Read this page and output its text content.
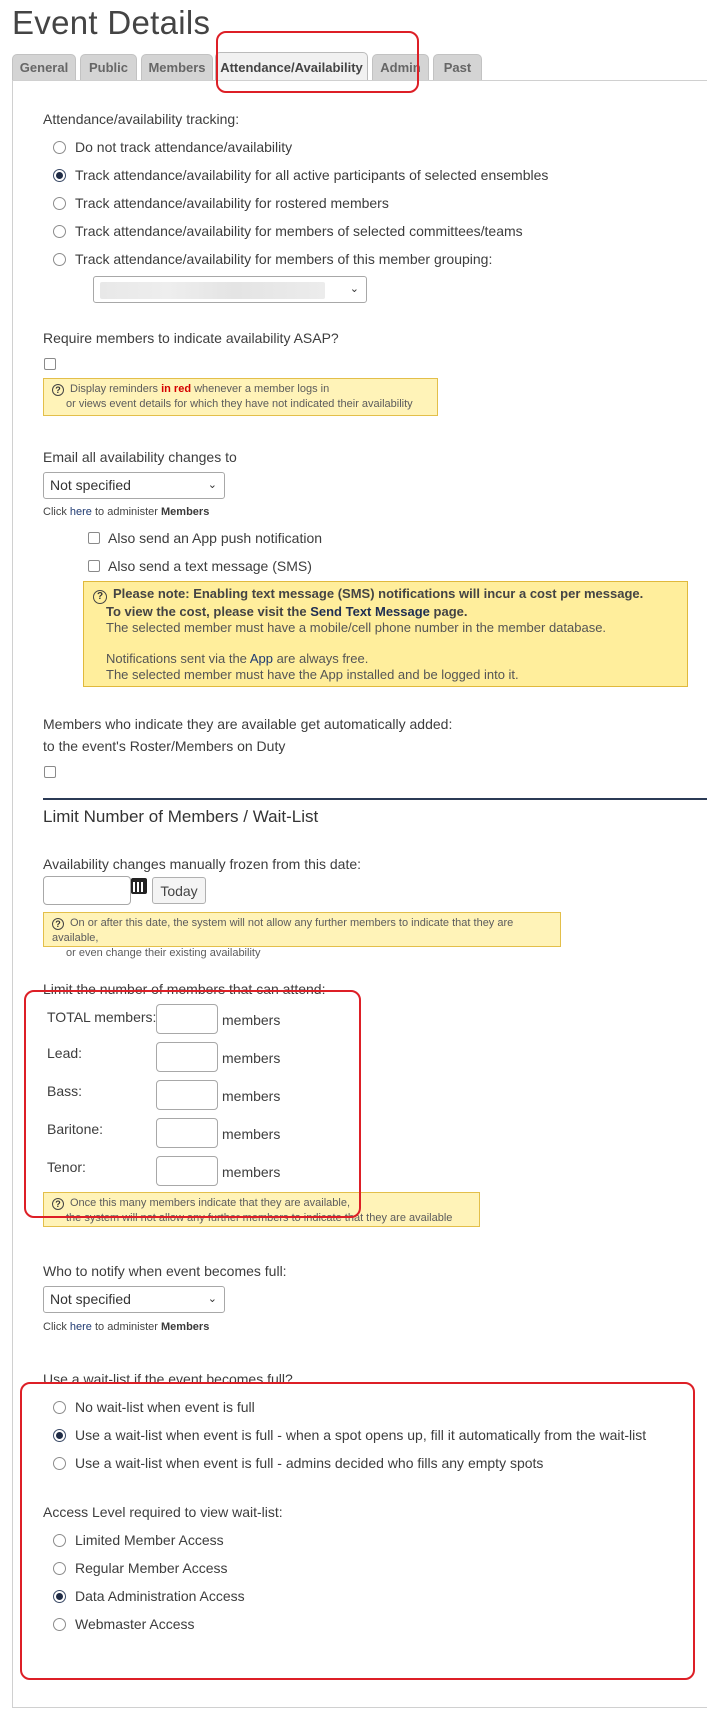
Event Details
General	Public	Members	Attendance/Availability	Admin	Past
Attendance/availability tracking:
Do not track attendance/availability
Track attendance/availability for all active participants of selected ensembles
Track attendance/availability for rostered members
Track attendance/availability for members of selected committees/teams
Track attendance/availability for members of this member grouping:
⌄
Require members to indicate availability ASAP?
? Display reminders in red whenever a member logs in
or views event details for which they have not indicated their availability
Email all availability changes to
Not specified	⌄
Click here to administer Members
Also send an App push notification
Also send a text message (SMS)
? Please note: Enabling text message (SMS) notifications will incur a cost per message.
To view the cost, please visit the Send Text Message page.
The selected member must have a mobile/cell phone number in the member database.
Notifications sent via the App are always free.
The selected member must have the App installed and be logged into it.
Members who indicate they are available get automatically added:
to the event's Roster/Members on Duty
Limit Number of Members / Wait-List
Availability changes manually frozen from this date:
Today
? On or after this date, the system will not allow any further members to indicate that they are available,
or even change their existing availability
Limit the number of members that can attend:
TOTAL members:	members
Lead:	members
Bass:	members
Baritone:	members
Tenor:	members
? Once this many members indicate that they are available,
the system will not allow any further members to indicate that they are available
Who to notify when event becomes full:
Not specified	⌄
Click here to administer Members
Use a wait-list if the event becomes full?
No wait-list when event is full
Use a wait-list when event is full - when a spot opens up, fill it automatically from the wait-list
Use a wait-list when event is full - admins decided who fills any empty spots
Access Level required to view wait-list:
Limited Member Access
Regular Member Access
Data Administration Access
Webmaster Access
